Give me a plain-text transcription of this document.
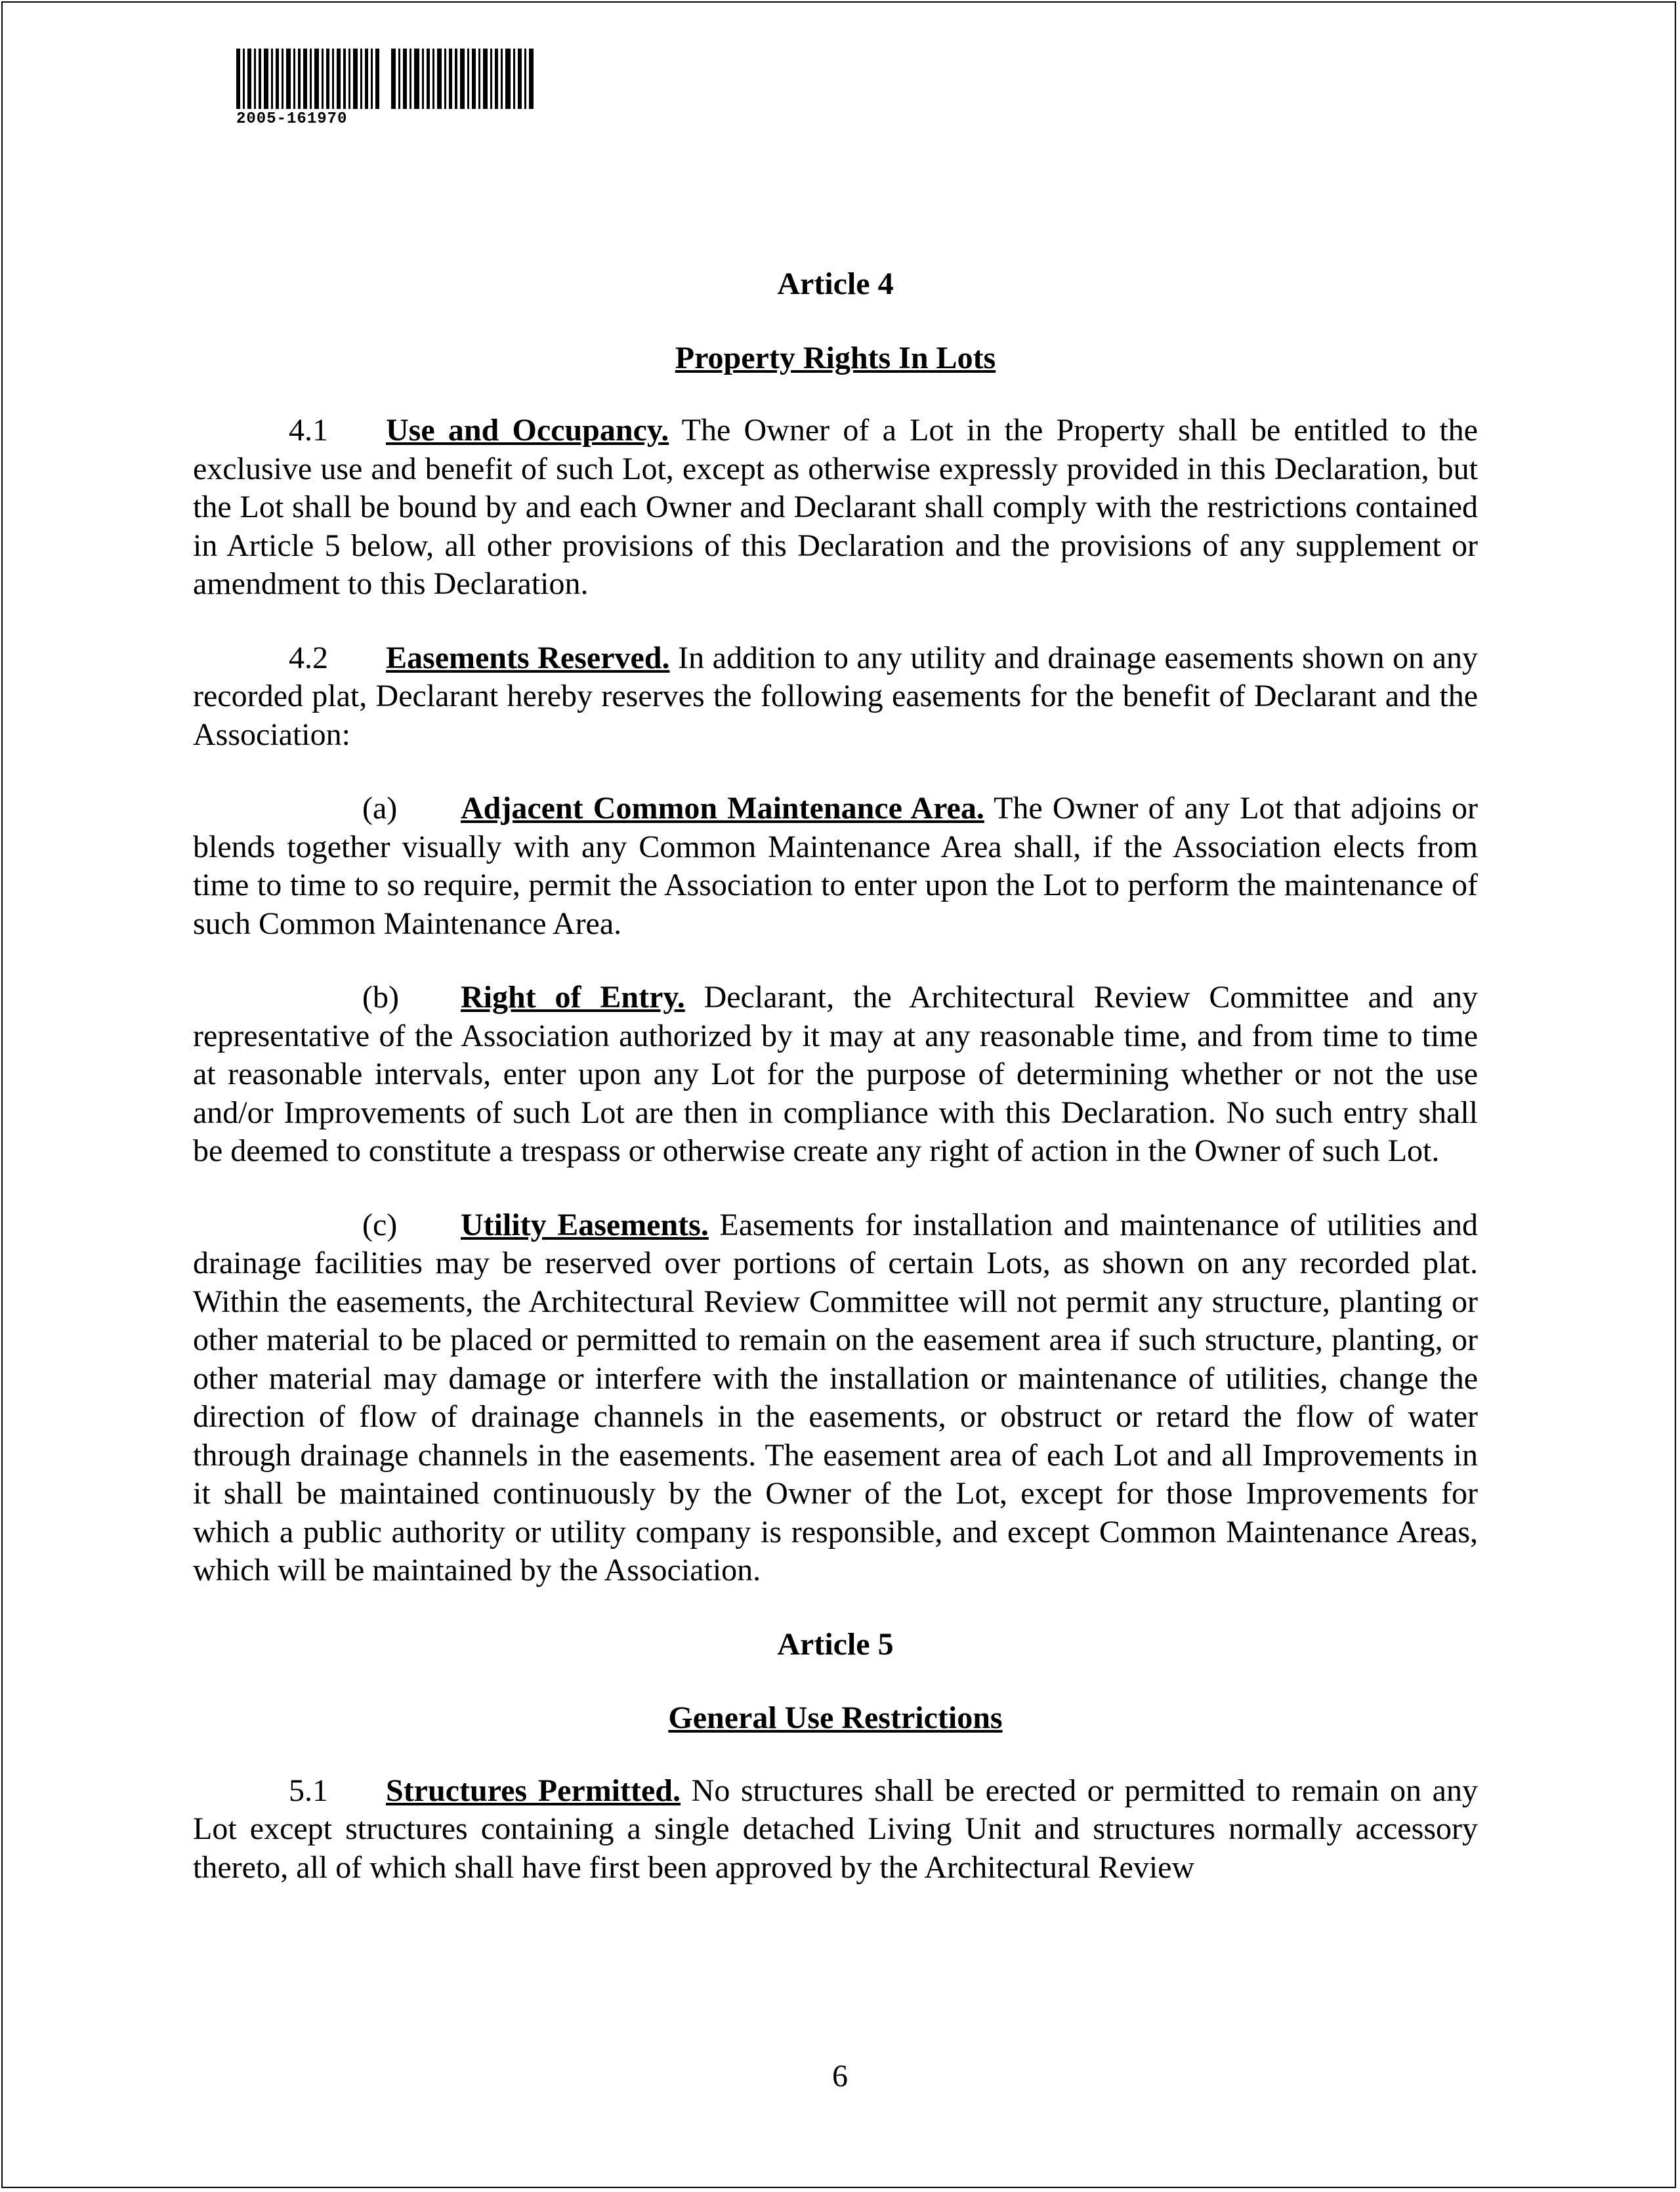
2005-161970
Article 4
Property Rights In Lots

4.1 Use and Occupancy. The Owner of a Lot in the Property shall be entitled to the exclusive use and benefit of such Lot, except as otherwise expressly provided in this Declaration, but the Lot shall be bound by and each Owner and Declarant shall comply with the restrictions contained in Article 5 below, all other provisions of this Declaration and the provisions of any supplement or amendment to this Declaration.

4.2 Easements Reserved. In addition to any utility and drainage easements shown on any recorded plat, Declarant hereby reserves the following easements for the benefit of Declarant and the Association:

(a) Adjacent Common Maintenance Area. The Owner of any Lot that adjoins or blends together visually with any Common Maintenance Area shall, if the Association elects from time to time to so require, permit the Association to enter upon the Lot to perform the maintenance of such Common Maintenance Area.

(b) Right of Entry. Declarant, the Architectural Review Committee and any representative of the Association authorized by it may at any reasonable time, and from time to time at reasonable intervals, enter upon any Lot for the purpose of determining whether or not the use and/or Improvements of such Lot are then in compliance with this Declaration. No such entry shall be deemed to constitute a trespass or otherwise create any right of action in the Owner of such Lot.

(c) Utility Easements. Easements for installation and maintenance of utilities and drainage facilities may be reserved over portions of certain Lots, as shown on any recorded plat. Within the easements, the Architectural Review Committee will not permit any structure, planting or other material to be placed or permitted to remain on the easement area if such structure, planting, or other material may damage or interfere with the installation or maintenance of utilities, change the direction of flow of drainage channels in the easements, or obstruct or retard the flow of water through drainage channels in the easements. The easement area of each Lot and all Improvements in it shall be maintained continuously by the Owner of the Lot, except for those Improvements for which a public authority or utility company is responsible, and except Common Maintenance Areas, which will be maintained by the Association.

Article 5
General Use Restrictions

5.1 Structures Permitted. No structures shall be erected or permitted to remain on any Lot except structures containing a single detached Living Unit and structures normally accessory thereto, all of which shall have first been approved by the Architectural Review

6
